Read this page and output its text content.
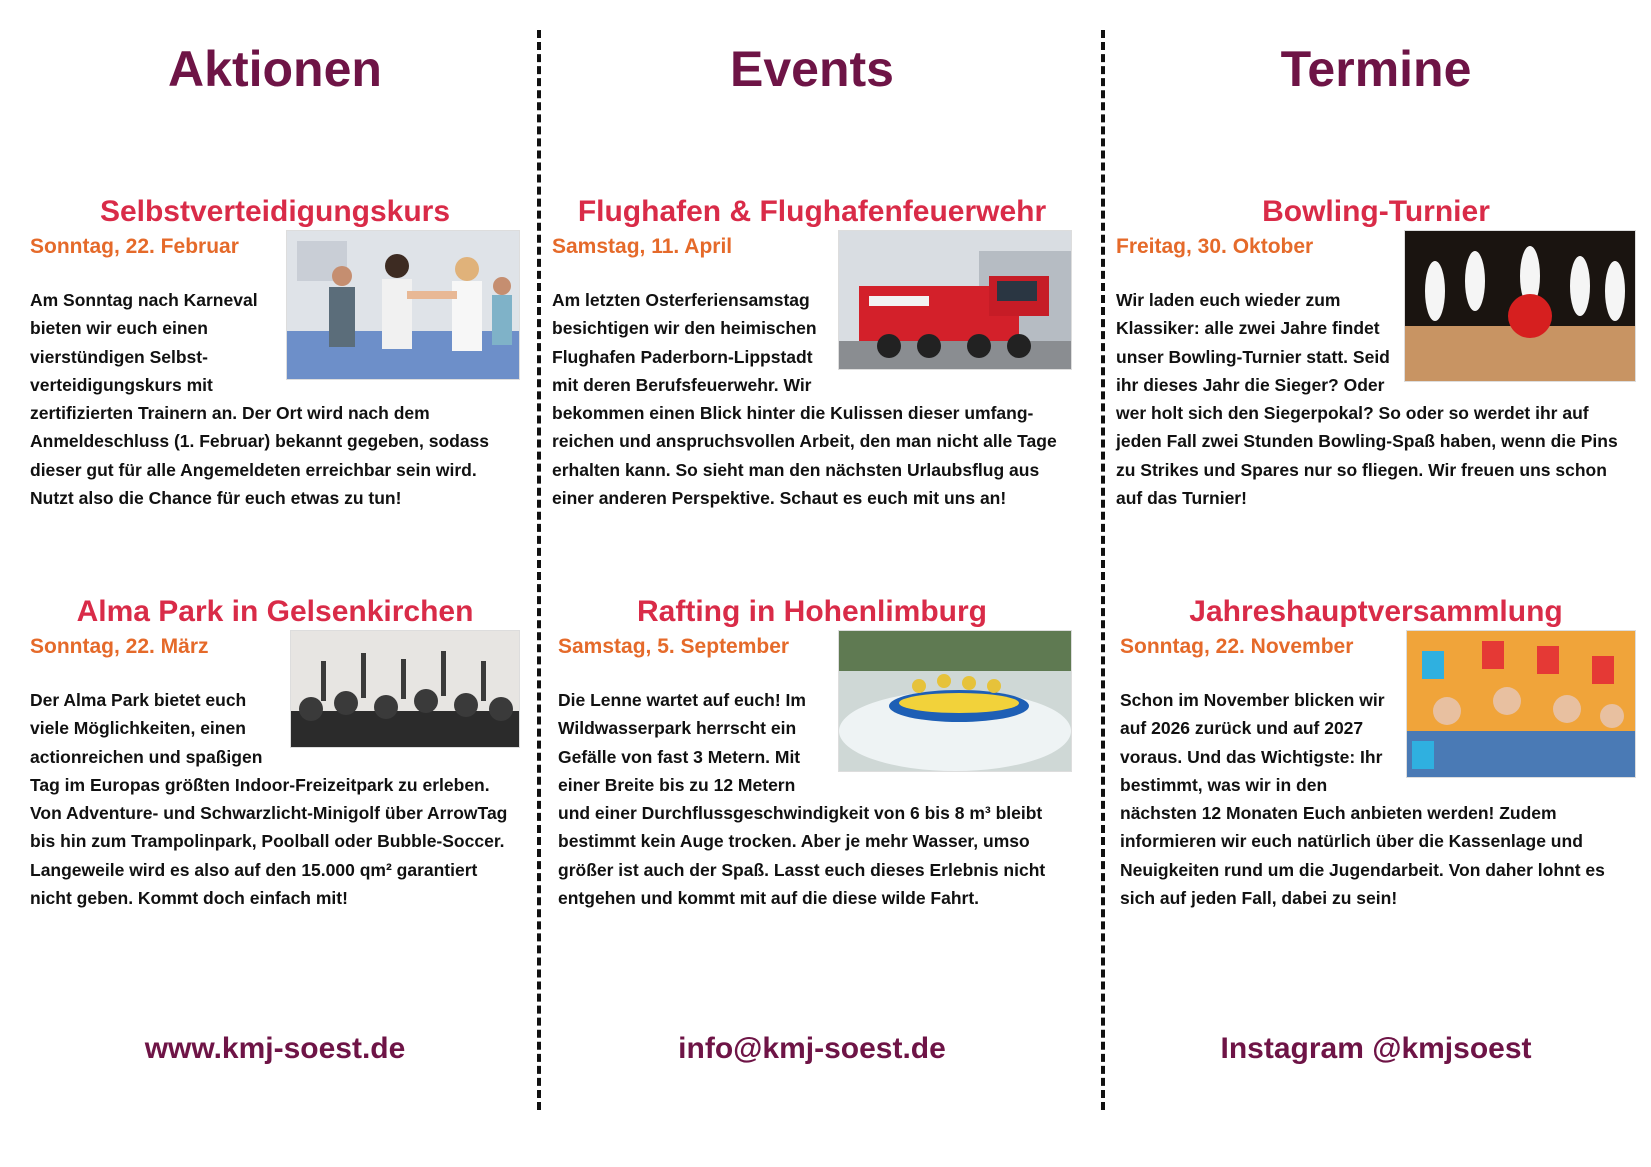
Aktionen
Selbstverteidigungskurs
Sonntag, 22. Februar

Am Sonntag nach Karneval bieten wir euch einen vierstündigen Selbst-verteidigungskurs mit zertifizierten Trainern an. Der Ort wird nach dem Anmeldeschluss (1. Februar) bekannt gegeben, sodass dieser gut für alle Angemeldeten erreichbar sein wird. Nutzt also die Chance für euch etwas zu tun!

Alma Park in Gelsenkirchen
Sonntag, 22. März

Der Alma Park bietet euch viele Möglichkeiten, einen actionreichen und spaßigen Tag im Europas größten Indoor-Freizeitpark zu erleben. Von Adventure- und Schwarzlicht-Minigolf über ArrowTag bis hin zum Trampolinpark, Poolball oder Bubble-Soccer. Langeweile wird es also auf den 15.000 qm² garantiert nicht geben. Kommt doch einfach mit!

www.kmj-soest.de
Events
Flughafen & Flughafenfeuerwehr
Samstag, 11. April

Am letzten Osterferiensamstag besichtigen wir den heimischen Flughafen Paderborn-Lippstadt mit deren Berufsfeuerwehr. Wir bekommen einen Blick hinter die Kulissen dieser umfang-reichen und anspruchsvollen Arbeit, den man nicht alle Tage erhalten kann. So sieht man den nächsten Urlaubsflug aus einer anderen Perspektive. Schaut es euch mit uns an!

Rafting in Hohenlimburg
Samstag, 5. September

Die Lenne wartet auf euch! Im Wildwasserpark herrscht ein Gefälle von fast 3 Metern. Mit einer Breite bis zu 12 Metern und einer Durchflussgeschwindigkeit von 6 bis 8 m³ bleibt bestimmt kein Auge trocken. Aber je mehr Wasser, umso größer ist auch der Spaß. Lasst euch dieses Erlebnis nicht entgehen und kommt mit auf die diese wilde Fahrt.

info@kmj-soest.de
Termine
Bowling-Turnier
Freitag, 30. Oktober

Wir laden euch wieder zum Klassiker: alle zwei Jahre findet unser Bowling-Turnier statt. Seid ihr dieses Jahr die Sieger? Oder wer holt sich den Siegerpokal? So oder so werdet ihr auf jeden Fall zwei Stunden Bowling-Spaß haben, wenn die Pins zu Strikes und Spares nur so fliegen. Wir freuen uns schon auf das Turnier!

Jahreshauptversammlung
Sonntag, 22. November

Schon im November blicken wir auf 2026 zurück und auf 2027 voraus. Und das Wichtigste: Ihr bestimmt, was wir in den nächsten 12 Monaten Euch anbieten werden! Zudem informieren wir euch natürlich über die Kassenlage und Neuigkeiten rund um die Jugendarbeit. Von daher lohnt es sich auf jeden Fall, dabei zu sein!

Instagram @kmjsoest
